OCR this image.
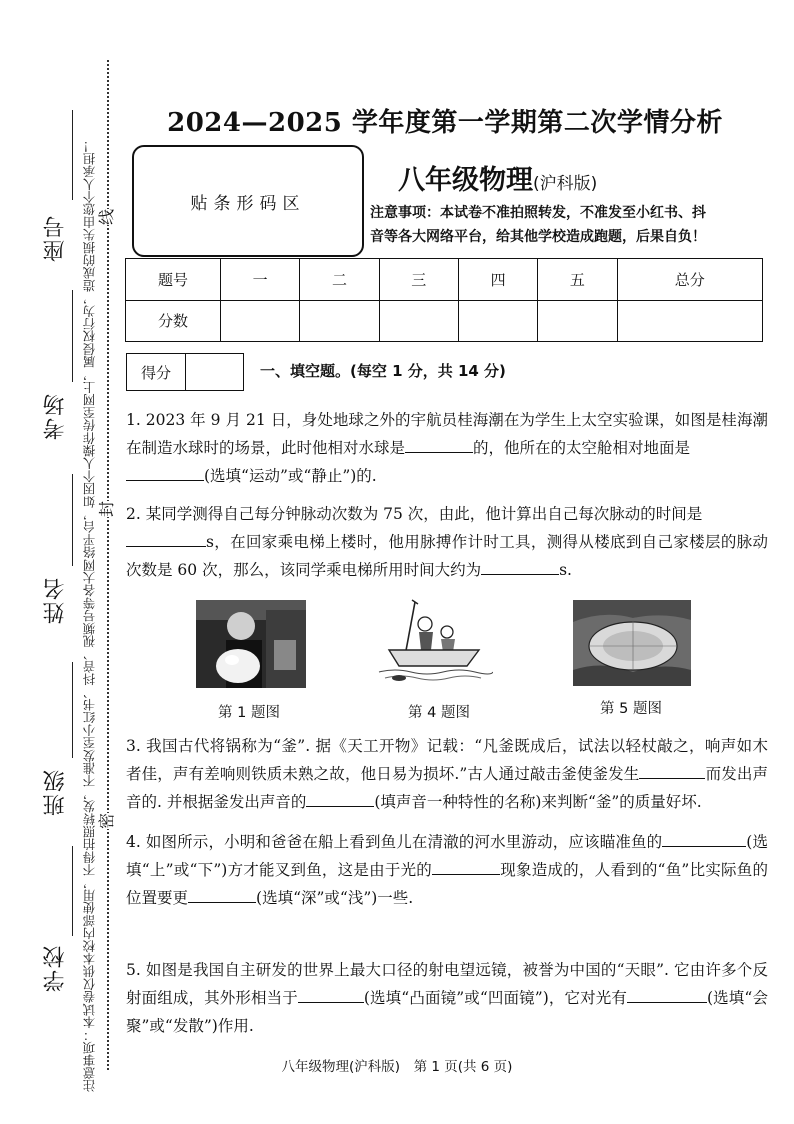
注意事项：本试卷仅供本校内部使用，不得拍照转发，不准发至小红书、抖音、视频号等各大网络平台，如因个人操作传至网上，属侵权行为，造成的损失由您个人承担！ 线
封
密
座号
考场
姓名
班级
学校
2024—2025 学年度第一学期第二次学情分析
贴条形码区
八年级物理(沪科版)
注意事项：本试卷不准拍照转发，不准发至小红书、抖
音等各大网络平台，给其他学校造成跑题，后果自负！
题号	一	二	三	四	五	总分
分数						
得分	一、填空题。(每空 1 分，共 14 分)
1. 2023 年 9 月 21 日，身处地球之外的宇航员桂海潮在为学生上太空实验课，如图是桂海潮在制造水球时的场景，此时他相对水球是	的，他所在的太空舱相对地面是
(选填“运动”或“静止”)的.
2. 某同学测得自己每分钟脉动次数为 75 次，由此，他计算出自己每次脉动的时间是
s，在回家乘电梯上楼时，他用脉搏作计时工具，测得从楼底到自己家楼层的脉动次数是 60 次，那么，该同学乘电梯所用时间大约为	s.
第 1 题图	第 4 题图	第 5 题图
3. 我国古代将锅称为“釜”. 据《天工开物》记载：“凡釜既成后，试法以轻杖敲之，响声如木者佳，声有差响则铁质未熟之故，他日易为损坏.”古人通过敲击釜使釜发生	而发出声音的. 并根据釜发出声音的	(填声音一种特性的名称)来判断“釜”的质量好坏.
4. 如图所示，小明和爸爸在船上看到鱼儿在清澈的河水里游动，应该瞄准鱼的	(选填“上”或“下”)方才能叉到鱼，这是由于光的	现象造成的，人看到的“鱼”比实际鱼的位置要更	(选填“深”或“浅”)一些.
5. 如图是我国自主研发的世界上最大口径的射电望远镜，被誉为中国的“天眼”. 它由许多个反射面组成，其外形相当于	(选填“凸面镜”或“凹面镜”)，它对光有	(选填“会聚”或“发散”)作用.
八年级物理(沪科版)　第 1 页(共 6 页)
